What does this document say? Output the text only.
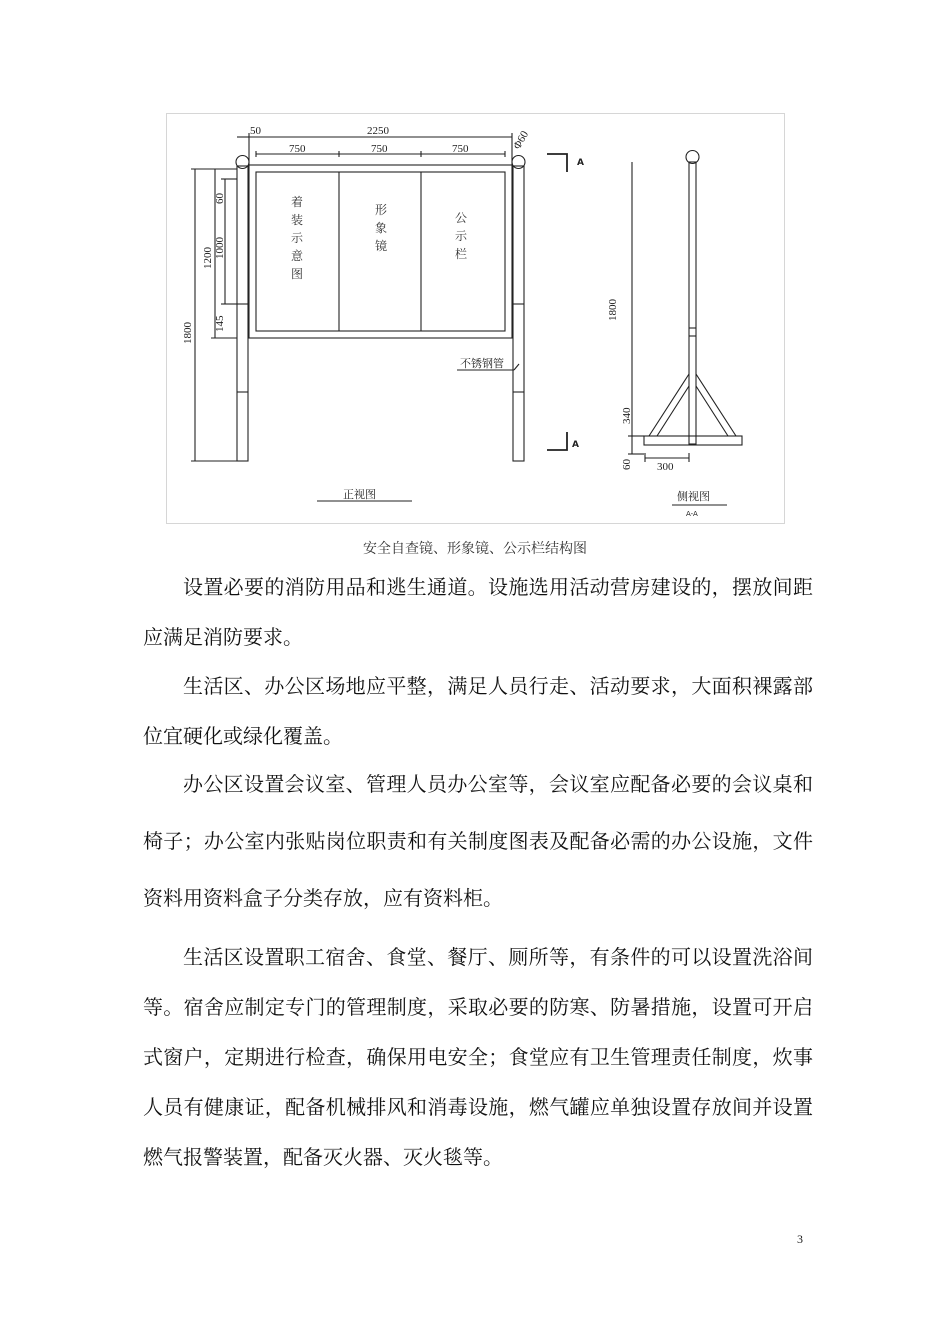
50	2250
750	750	750	Φ60
1800
1200 1000
60
145
着装示意图
形象镜
公示栏
不锈钢管
A
A
正视图
1800
340
60 300
侧视图
A-A
安全自查镜、形象镜、公示栏结构图

设置必要的消防用品和逃生通道。设施选用活动营房建设的，摆放间距应满足消防要求。

生活区、办公区场地应平整，满足人员行走、活动要求，大面积裸露部位宜硬化或绿化覆盖。

办公区设置会议室、管理人员办公室等，会议室应配备必要的会议桌和椅子；办公室内张贴岗位职责和有关制度图表及配备必需的办公设施，文件资料用资料盒子分类存放，应有资料柜。

生活区设置职工宿舍、食堂、餐厅、厕所等，有条件的可以设置洗浴间等。宿舍应制定专门的管理制度，采取必要的防寒、防暑措施，设置可开启式窗户，定期进行检查，确保用电安全；食堂应有卫生管理责任制度，炊事人员有健康证，配备机械排风和消毒设施，燃气罐应单独设置存放间并设置燃气报警装置，配备灭火器、灭火毯等。

3
